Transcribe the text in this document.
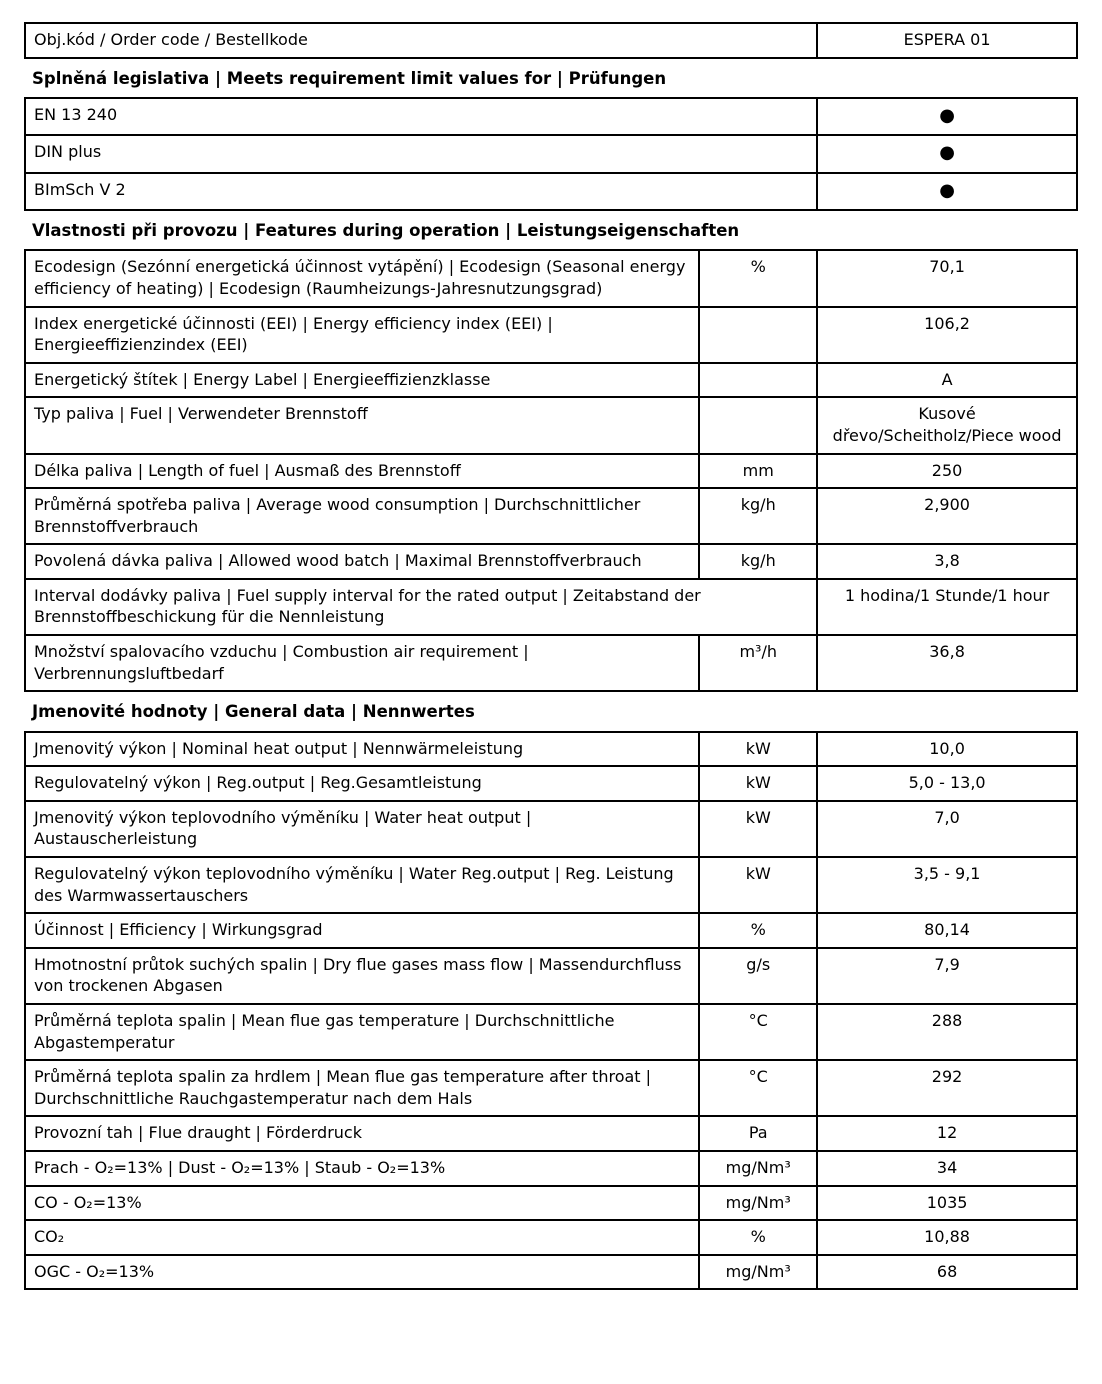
Obj.kód / Order code / Bestellkode	ESPERA 01
Splněná legislativa | Meets requirement limit values for | Prüfungen
EN 13 240	●
DIN plus	●
BImSch V 2	●
Vlastnosti při provozu | Features during operation | Leistungseigenschaften
Ecodesign (Sezónní energetická účinnost vytápění) | Ecodesign (Seasonal energy efficiency of heating) | Ecodesign (Raumheizungs-Jahresnutzungsgrad)	%	70,1
Index energetické účinnosti (EEI) | Energy efficiency index (EEI) | Energieeffizienzindex (EEI)		106,2
Energetický štítek | Energy Label | Energieeffizienzklasse		A
Typ paliva | Fuel | Verwendeter Brennstoff		Kusové dřevo/Scheitholz/Piece wood
Délka paliva | Length of fuel | Ausmaß des Brennstoff	mm	250
Průměrná spotřeba paliva | Average wood consumption | Durchschnittlicher Brennstoffverbrauch	kg/h	2,900
Povolená dávka paliva | Allowed wood batch | Maximal Brennstoffverbrauch	kg/h	3,8
Interval dodávky paliva | Fuel supply interval for the rated output | Zeitabstand der Brennstoffbeschickung für die Nennleistung		1 hodina/1 Stunde/1 hour
Množství spalovacího vzduchu | Combustion air requirement | Verbrennungsluftbedarf	m³/h	36,8
Jmenovité hodnoty | General data | Nennwertes
Jmenovitý výkon | Nominal heat output | Nennwärmeleistung	kW	10,0
Regulovatelný výkon | Reg.output | Reg.Gesamtleistung	kW	5,0 - 13,0
Jmenovitý výkon teplovodního výměníku | Water heat output | Austauscherleistung	kW	7,0
Regulovatelný výkon teplovodního výměníku | Water Reg.output | Reg. Leistung des Warmwassertauschers	kW	3,5 - 9,1
Účinnost | Efficiency | Wirkungsgrad	%	80,14
Hmotnostní průtok suchých spalin | Dry flue gases mass flow | Massendurchfluss von trockenen Abgasen	g/s	7,9
Průměrná teplota spalin | Mean flue gas temperature | Durchschnittliche Abgastemperatur	°C	288
Průměrná teplota spalin za hrdlem | Mean flue gas temperature after throat | Durchschnittliche Rauchgastemperatur nach dem Hals	°C	292
Provozní tah | Flue draught | Förderdruck	Pa	12
Prach - O₂=13% | Dust - O₂=13% | Staub - O₂=13%	mg/Nm³	34
CO - O₂=13%	mg/Nm³	1035
CO₂	%	10,88
OGC - O₂=13%	mg/Nm³	68
